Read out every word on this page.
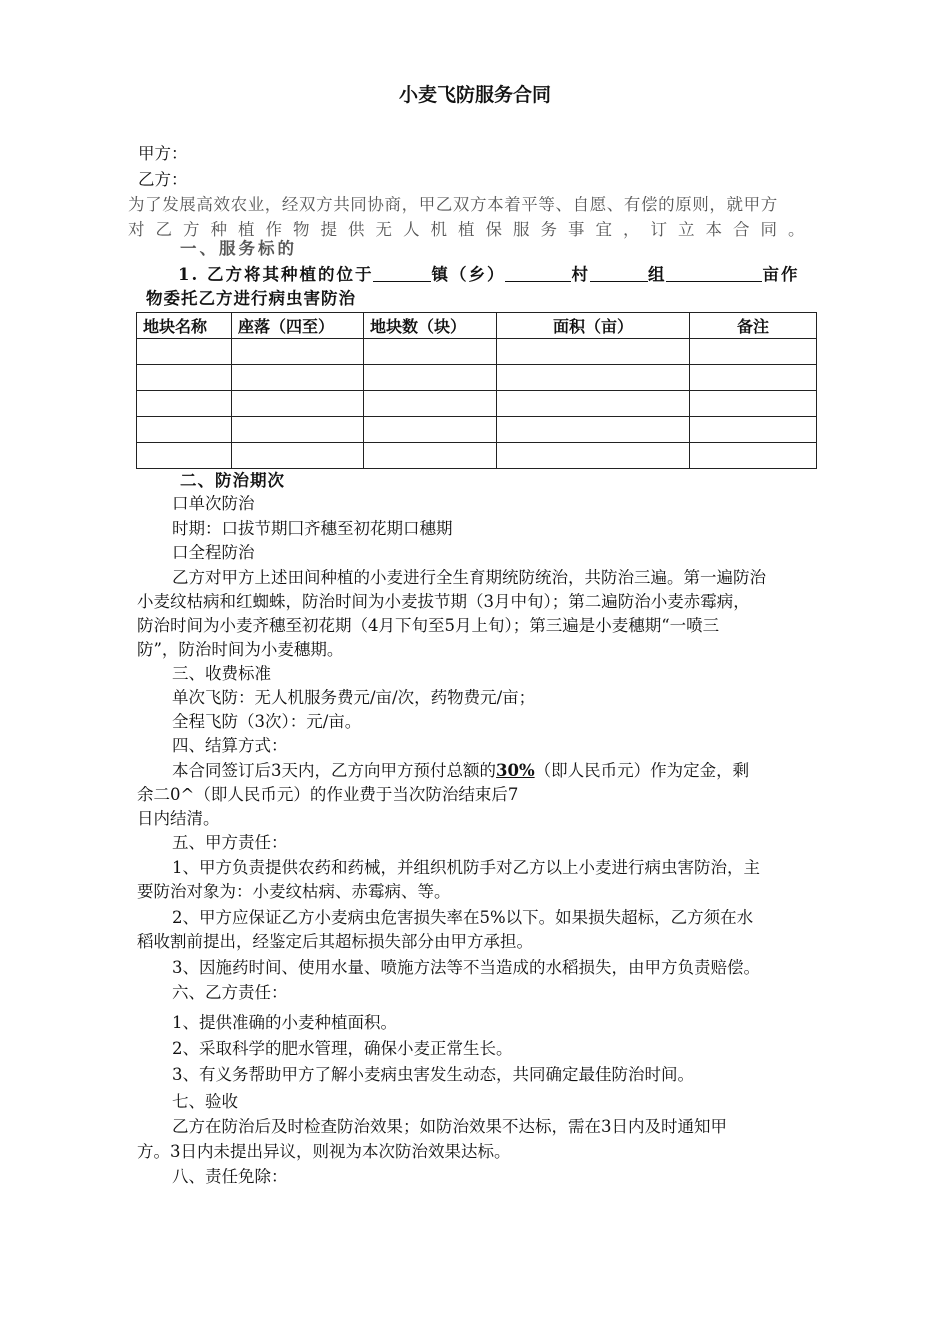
小麦飞防服务合同
甲方：
乙方：
为了发展高效农业，经双方共同协商，甲乙双方本着平等、自愿、有偿的原则，就甲方
对乙方种植作物提供无人机植保服务事宜，订立本合同。
一、服务标的
1. 乙方将其种植的位于	镇（乡）	村	组	亩作
物委托乙方进行病虫害防治
地块名称	座落（四至）	地块数（块）	面积（亩）	备注

二、防治期次
口单次防治
时期：口拔节期囗齐穗至初花期口穗期
口全程防治
乙方对甲方上述田间种植的小麦进行全生育期统防统治，共防治三遍。第一遍防治
小麦纹枯病和红蜘蛛，防治时间为小麦拔节期（3月中旬）；第二遍防治小麦赤霉病，
防治时间为小麦齐穗至初花期（4月下旬至5月上旬）；第三遍是小麦穗期“一喷三
防”，防治时间为小麦穗期。
三、收费标准
单次飞防：无人机服务费元/亩/次，药物费元/亩；
全程飞防（3次）：元/亩。
四、结算方式：
本合同签订后3天内，乙方向甲方预付总额的30%（即人民币元）作为定金，剩
余二0^（即人民币元）的作业费于当次防治结束后7
日内结清。
五、甲方责任：
1、甲方负责提供农药和药械，并组织机防手对乙方以上小麦进行病虫害防治，主
要防治对象为：小麦纹枯病、赤霉病、等。
2、甲方应保证乙方小麦病虫危害损失率在5%以下。如果损失超标，乙方须在水
稻收割前提出，经鉴定后其超标损失部分由甲方承担。
3、因施药时间、使用水量、喷施方法等不当造成的水稻损失，由甲方负责赔偿。
六、乙方责任：
1、提供准确的小麦种植面积。
2、采取科学的肥水管理，确保小麦正常生长。
3、有义务帮助甲方了解小麦病虫害发生动态，共同确定最佳防治时间。
七、验收
乙方在防治后及时检查防治效果；如防治效果不达标，需在3日内及时通知甲
方。3日内未提出异议，则视为本次防治效果达标。
八、责任免除：
